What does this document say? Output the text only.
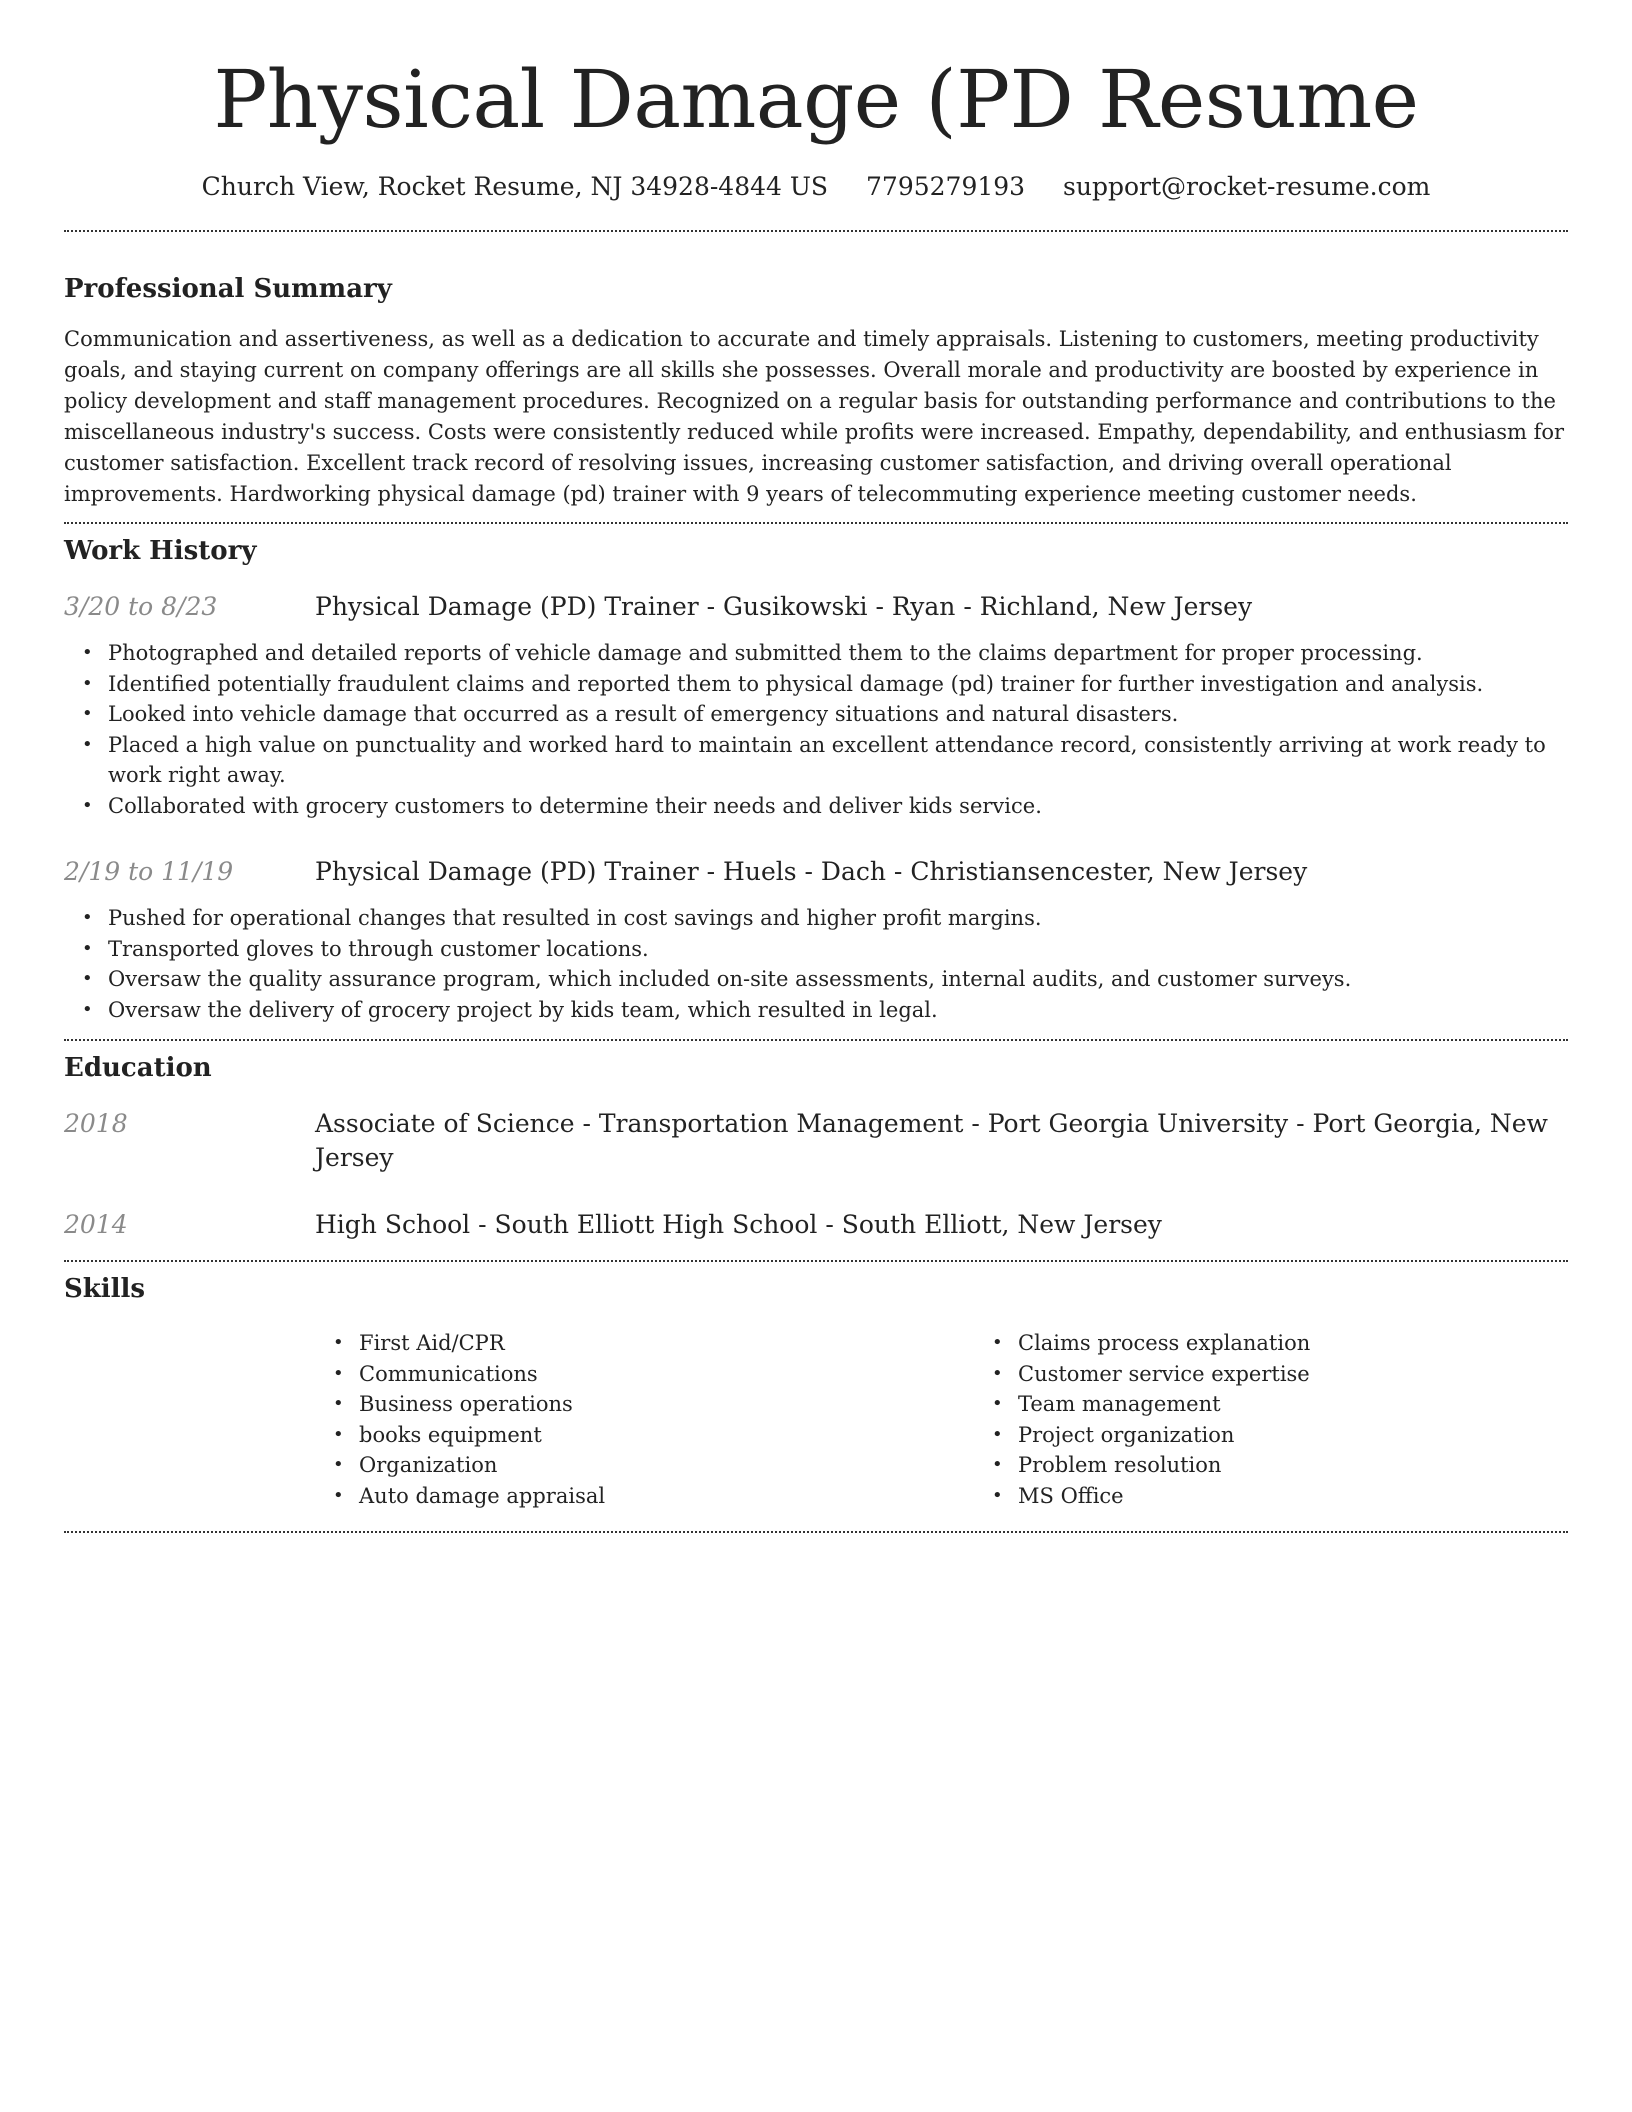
Physical Damage (PD Resume
Church View, Rocket Resume, NJ 34928-4844 US 7795279193 support@rocket-resume.com
Professional Summary

Communication and assertiveness, as well as a dedication to accurate and timely appraisals. Listening to customers, meeting productivity goals, and staying current on company offerings are all skills she possesses. Overall morale and productivity are boosted by experience in policy development and staff management procedures. Recognized on a regular basis for outstanding performance and contributions to the miscellaneous industry's success. Costs were consistently reduced while profits were increased. Empathy, dependability, and enthusiasm for customer satisfaction. Excellent track record of resolving issues, increasing customer satisfaction, and driving overall operational improvements. Hardworking physical damage (pd) trainer with 9 years of telecommuting experience meeting customer needs.

Work History
3/20 to 8/23	Physical Damage (PD) Trainer - Gusikowski - Ryan - Richland, New Jersey
• Photographed and detailed reports of vehicle damage and submitted them to the claims department for proper processing.
• Identified potentially fraudulent claims and reported them to physical damage (pd) trainer for further investigation and analysis.
• Looked into vehicle damage that occurred as a result of emergency situations and natural disasters.
• Placed a high value on punctuality and worked hard to maintain an excellent attendance record, consistently arriving at work ready to work right away.
• Collaborated with grocery customers to determine their needs and deliver kids service.
2/19 to 11/19	Physical Damage (PD) Trainer - Huels - Dach - Christiansencester, New Jersey
• Pushed for operational changes that resulted in cost savings and higher profit margins.
• Transported gloves to through customer locations.
• Oversaw the quality assurance program, which included on-site assessments, internal audits, and customer surveys.
• Oversaw the delivery of grocery project by kids team, which resulted in legal.
Education
2018	Associate of Science - Transportation Management - Port Georgia University - Port Georgia, New Jersey
2014	High School - South Elliott High School - South Elliott, New Jersey
Skills
• First Aid/CPR
• Communications
• Business operations
• books equipment
• Organization
• Auto damage appraisal
• Claims process explanation
• Customer service expertise
• Team management
• Project organization
• Problem resolution
• MS Office
